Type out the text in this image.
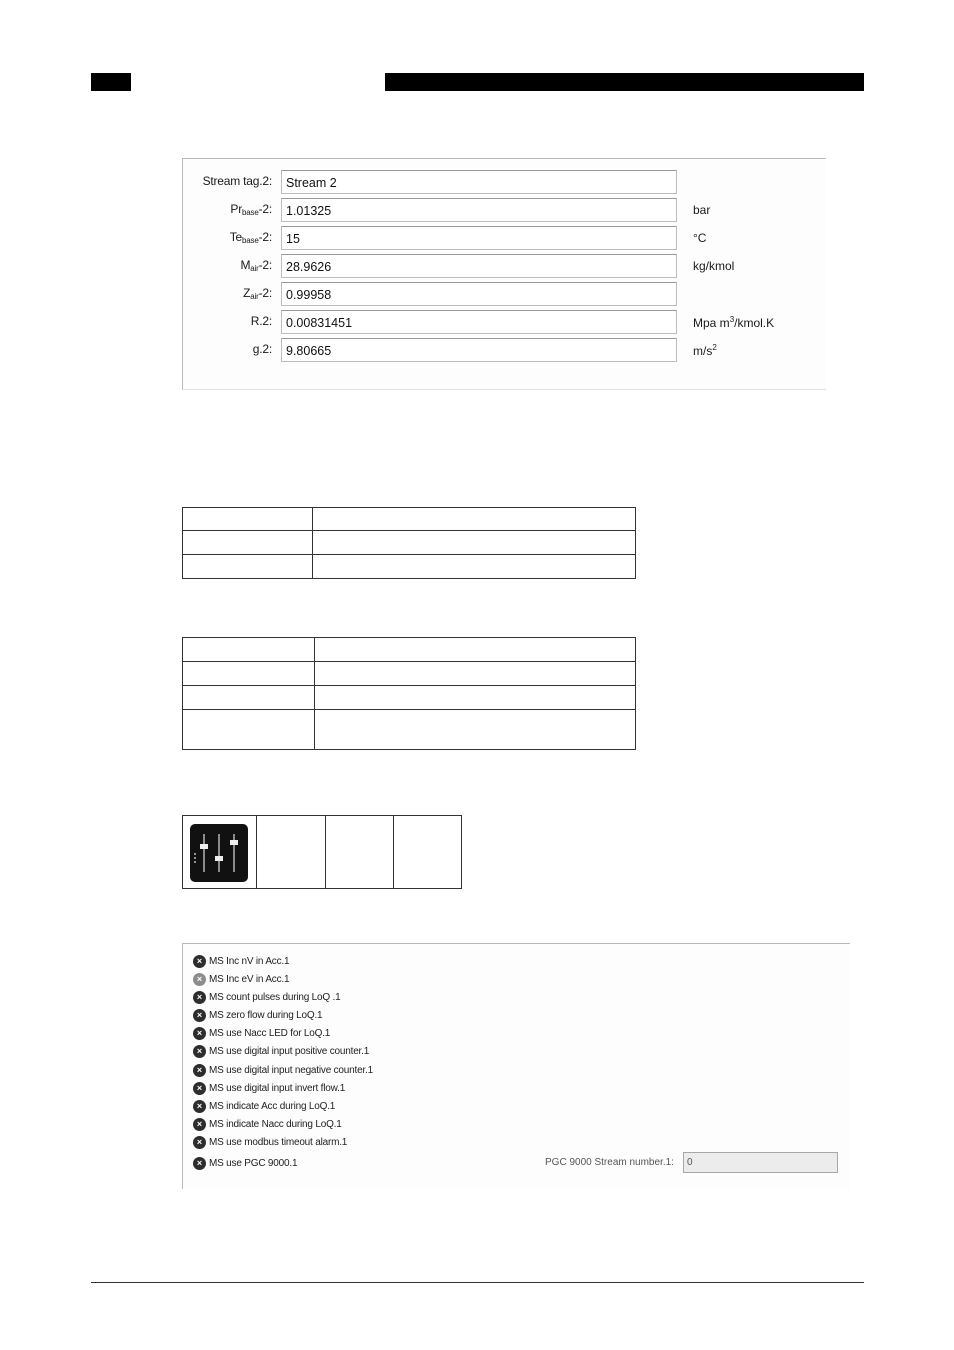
Stream tag.2:	Stream 2
$Pr_{base}-2$:	1.01325	bar
$Te_{base}-2$:	15	°C
$M_{air}-2$:	28.9626	kg/kmol
$Z_{air}-2$:	0.99958
R.2:	0.00831451	Mpa $m^3/kmol.K$
g.2:	9.80665	$m/s^2$

× MS Inc nV in Acc.1
× MS Inc eV in Acc.1
× MS count pulses during LoQ .1
× MS zero flow during LoQ.1
× MS use Nacc LED for LoQ.1
× MS use digital input positive counter.1
× MS use digital input negative counter.1
× MS use digital input invert flow.1
× MS indicate Acc during LoQ.1
× MS indicate Nacc during LoQ.1
× MS use modbus timeout alarm.1
× MS use PGC 9000.1	PGC 9000 Stream number.1:	0
